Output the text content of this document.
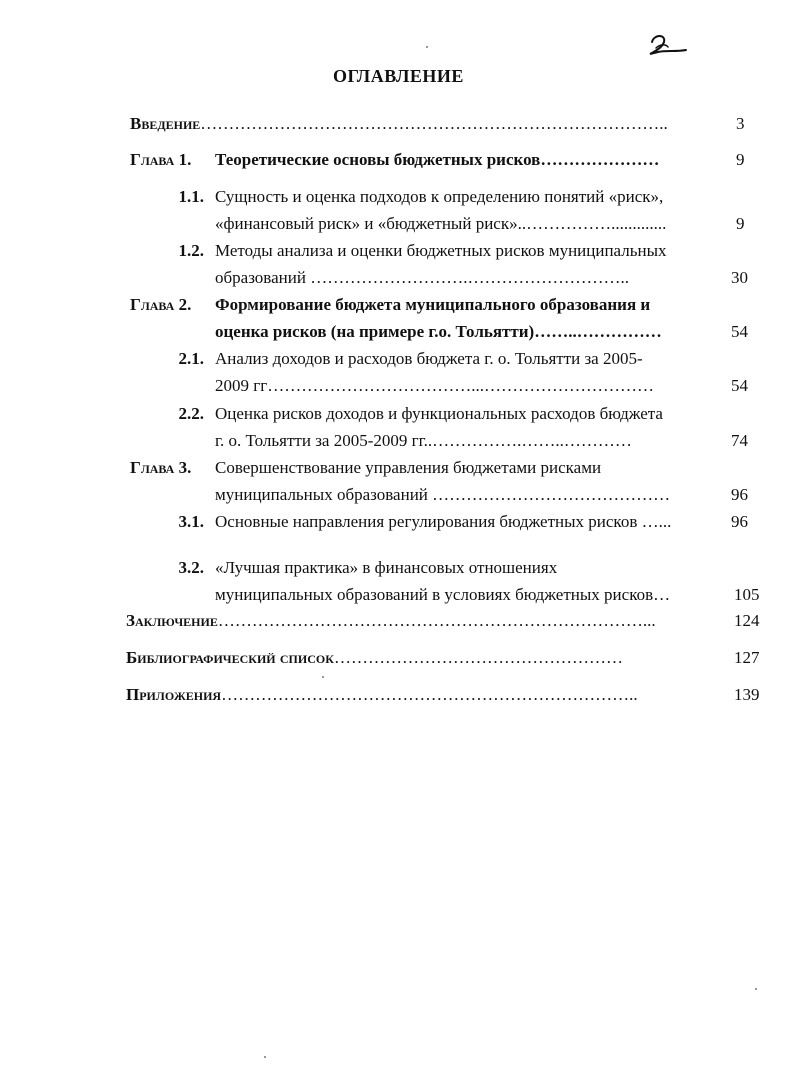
ОГЛАВЛЕНИЕ
Введение………………………………………………………………………..	3
Глава 1. Теоретические основы бюджетных рисков…………………	9
1.1. Сущность и оценка подходов к определению понятий «риск»,
«финансовый риск» и «бюджетный риск»..…………….............	9
1.2. Методы анализа и оценки бюджетных рисков муниципальных
образований ……………………….………………………..	30
Глава 2. Формирование бюджета муниципального образования и
оценка рисков (на примере г.о. Тольятти)……..……………	54
2.1. Анализ доходов и расходов бюджета г. о. Тольятти за 2005-
2009 гг………………………………...…………………………	54
2.2. Оценка рисков доходов и функциональных расходов бюджета
г. о. Тольятти за 2005-2009 гг..…………….……..…………	74
Глава 3. Совершенствование управления бюджетами рисками
муниципальных образований ……………………………………	96
3.1. Основные направления регулирования бюджетных рисков …...	96
3.2. «Лучшая практика» в финансовых отношениях
муниципальных образований в условиях бюджетных рисков…	105
Заключение…………………………………………………………………...	124
Библиографический список……………………………………………	127
Приложения………………………………………………………………..	139
